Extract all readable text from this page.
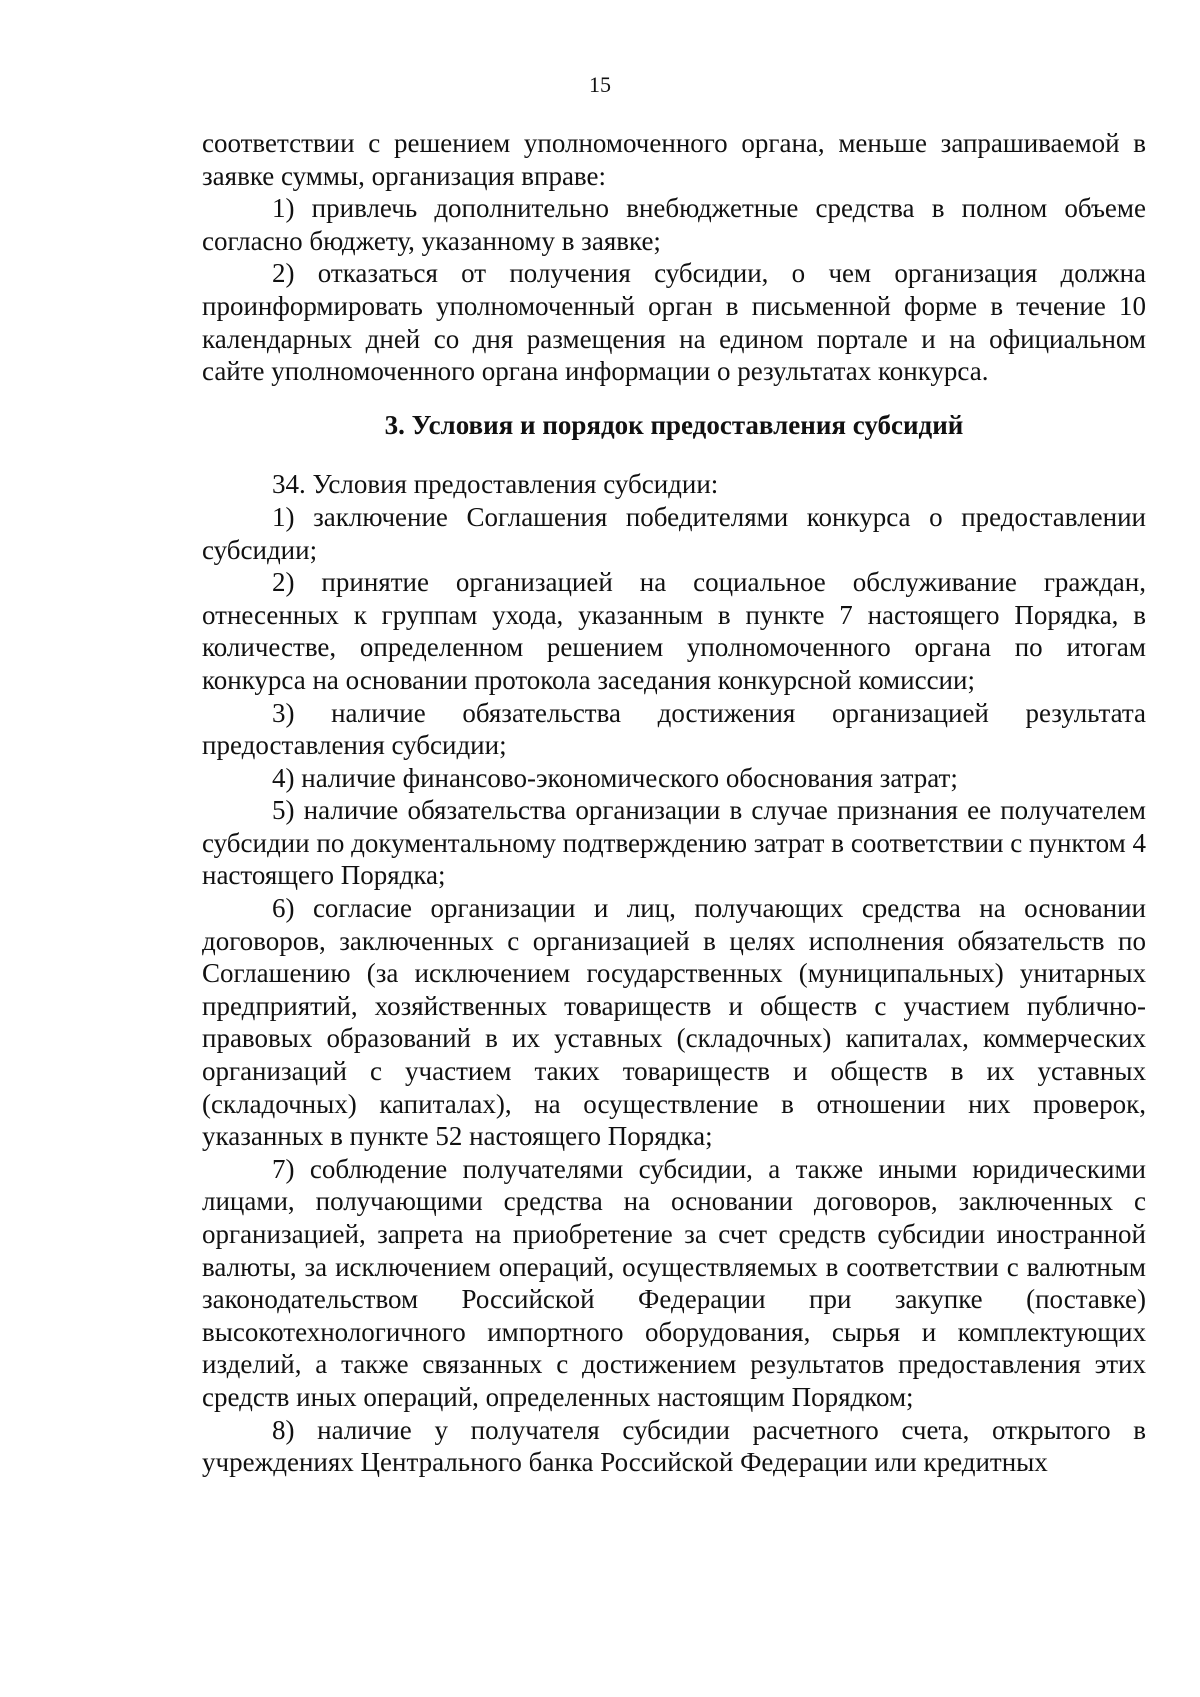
15

соответствии с решением уполномоченного органа, меньше запрашиваемой в заявке суммы, организация вправе:

1) привлечь дополнительно внебюджетные средства в полном объеме согласно бюджету, указанному в заявке;

2) отказаться от получения субсидии, о чем организация должна проинформировать уполномоченный орган в письменной форме в течение 10 календарных дней со дня размещения на едином портале и на официальном сайте уполномоченного органа информации о результатах конкурса.

3. Условия и порядок предоставления субсидий

34. Условия предоставления субсидии:

1) заключение Соглашения победителями конкурса о предоставлении субсидии;

2) принятие организацией на социальное обслуживание граждан, отнесенных к группам ухода, указанным в пункте 7 настоящего Порядка, в количестве, определенном решением уполномоченного органа по итогам конкурса на основании протокола заседания конкурсной комиссии;

3) наличие обязательства достижения организацией результата предоставления субсидии;

4) наличие финансово-экономического обоснования затрат;

5) наличие обязательства организации в случае признания ее получателем субсидии по документальному подтверждению затрат в соответствии с пунктом 4 настоящего Порядка;

6) согласие организации и лиц, получающих средства на основании договоров, заключенных с организацией в целях исполнения обязательств по Соглашению (за исключением государственных (муниципальных) унитарных предприятий, хозяйственных товариществ и обществ с участием публично-правовых образований в их уставных (складочных) капиталах, коммерческих организаций с участием таких товариществ и обществ в их уставных (складочных) капиталах), на осуществление в отношении них проверок, указанных в пункте 52 настоящего Порядка;

7) соблюдение получателями субсидии, а также иными юридическими лицами, получающими средства на основании договоров, заключенных с организацией, запрета на приобретение за счет средств субсидии иностранной валюты, за исключением операций, осуществляемых в соответствии с валютным законодательством Российской Федерации при закупке (поставке) высокотехнологичного импортного оборудования, сырья и комплектующих изделий, а также связанных с достижением результатов предоставления этих средств иных операций, определенных настоящим Порядком;

8) наличие у получателя субсидии расчетного счета, открытого в учреждениях Центрального банка Российской Федерации или кредитных
